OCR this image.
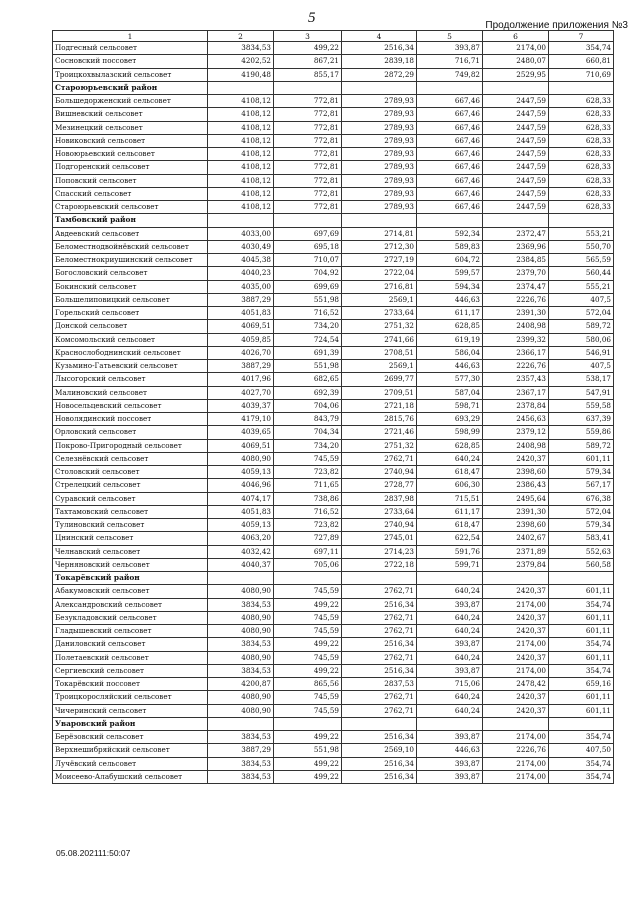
5	Продолжение приложения №3
1	2	3	4	5	6	7
Подгесный сельсовет	3834,53	499,22	2516,34	393,87	2174,00	354,74
Сосновский поссовет	4202,52	867,21	2839,18	716,71	2480,07	660,81
Троицкохвылазский сельсовет	4190,48	855,17	2872,29	749,82	2529,95	710,69
Староюрьевский район						
Большедорженский сельсовет	4108,12	772,81	2789,93	667,46	2447,59	628,33
Вишневский сельсовет	4108,12	772,81	2789,93	667,46	2447,59	628,33
Мезинецкий сельсовет	4108,12	772,81	2789,93	667,46	2447,59	628,33
Новиковский сельсовет	4108,12	772,81	2789,93	667,46	2447,59	628,33
Новоюрьевский сельсовет	4108,12	772,81	2789,93	667,46	2447,59	628,33
Подгоренский сельсовет	4108,12	772,81	2789,93	667,46	2447,59	628,33
Поповский сельсовет	4108,12	772,81	2789,93	667,46	2447,59	628,33
Спасский сельсовет	4108,12	772,81	2789,93	667,46	2447,59	628,33
Староюрьевский сельсовет	4108,12	772,81	2789,93	667,46	2447,59	628,33
Тамбовский район						
Авдеевский сельсовет	4033,00	697,69	2714,81	592,34	2372,47	553,21
Беломестнодвойнёвский сельсовет	4030,49	695,18	2712,30	589,83	2369,96	550,70
Беломестнокриушинский сельсовет	4045,38	710,07	2727,19	604,72	2384,85	565,59
Богословский сельсовет	4040,23	704,92	2722,04	599,57	2379,70	560,44
Бокинский сельсовет	4035,00	699,69	2716,81	594,34	2374,47	555,21
Большелиповицкий сельсовет	3887,29	551,98	2569,1	446,63	2226,76	407,5
Горельский сельсовет	4051,83	716,52	2733,64	611,17	2391,30	572,04
Донской сельсовет	4069,51	734,20	2751,32	628,85	2408,98	589,72
Комсомольский сельсовет	4059,85	724,54	2741,66	619,19	2399,32	580,06
Краснослободнинский сельсовет	4026,70	691,39	2708,51	586,04	2366,17	546,91
Кузьмино-Гатьевский сельсовет	3887,29	551,98	2569,1	446,63	2226,76	407,5
Лысогорский сельсовет	4017,96	682,65	2699,77	577,30	2357,43	538,17
Малиновский сельсовет	4027,70	692,39	2709,51	587,04	2367,17	547,91
Новосельцевский сельсовет	4039,37	704,06	2721,18	598,71	2378,84	559,58
Новолядинский поссовет	4179,10	843,79	2815,76	693,29	2456,63	637,39
Орловский сельсовет	4039,65	704,34	2721,46	598,99	2379,12	559,86
Покрово-Пригородный сельсовет	4069,51	734,20	2751,32	628,85	2408,98	589,72
Селезнёвский сельсовет	4080,90	745,59	2762,71	640,24	2420,37	601,11
Столовский сельсовет	4059,13	723,82	2740,94	618,47	2398,60	579,34
Стрелецкий сельсовет	4046,96	711,65	2728,77	606,30	2386,43	567,17
Суравский сельсовет	4074,17	738,86	2837,98	715,51	2495,64	676,38
Тахтамовский сельсовет	4051,83	716,52	2733,64	611,17	2391,30	572,04
Тулиновский сельсовет	4059,13	723,82	2740,94	618,47	2398,60	579,34
Цнинский сельсовет	4063,20	727,89	2745,01	622,54	2402,67	583,41
Челнавский сельсовет	4032,42	697,11	2714,23	591,76	2371,89	552,63
Черняновский сельсовет	4040,37	705,06	2722,18	599,71	2379,84	560,58
Токарёвский район						
Абакумовский сельсовет	4080,90	745,59	2762,71	640,24	2420,37	601,11
Александровский сельсовет	3834,53	499,22	2516,34	393,87	2174,00	354,74
Безукладовский сельсовет	4080,90	745,59	2762,71	640,24	2420,37	601,11
Гладышевский сельсовет	4080,90	745,59	2762,71	640,24	2420,37	601,11
Даниловский сельсовет	3834,53	499,22	2516,34	393,87	2174,00	354,74
Полетаевский сельсовет	4080,90	745,59	2762,71	640,24	2420,37	601,11
Сергиевский сельсовет	3834,53	499,22	2516,34	393,87	2174,00	354,74
Токарёвский поссовет	4200,87	865,56	2837,53	715,06	2478,42	659,16
Троицкоросляйский сельсовет	4080,90	745,59	2762,71	640,24	2420,37	601,11
Чичеринский сельсовет	4080,90	745,59	2762,71	640,24	2420,37	601,11
Уваровский район						
Берёзовский сельсовет	3834,53	499,22	2516,34	393,87	2174,00	354,74
Верхнешибряйский сельсовет	3887,29	551,98	2569,10	446,63	2226,76	407,50
Лучёвский сельсовет	3834,53	499,22	2516,34	393,87	2174,00	354,74
Моисеево-Алабушский сельсовет	3834,53	499,22	2516,34	393,87	2174,00	354,74
05.08.202111:50:07
